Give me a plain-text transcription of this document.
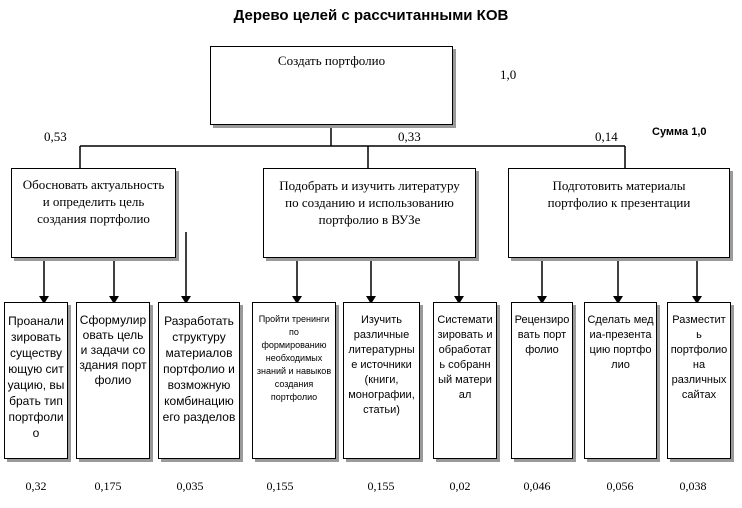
Дерево целей с рассчитанными КОВ
Создать портфолио
1,0
0,53	0,33	0,14	Сумма 1,0
Обосновать актуальность и определить цель создания портфолио
Подобрать и изучить литературу по созданию и использованию портфолио в ВУЗе
Подготовить материалы портфолио к презентации
Проанализировать существующую ситуацию, выбрать тип портфолио
Сформулировать цель и задачи создания портфолио
Разработать структуру материалов портфолио и возможную комбинацию его разделов
Пройти тренинги по формированию необходимых знаний и навыков создания портфолио
Изучить различные литературные источники (книги, монографии, статьи)
Систематизировать и обработать собранный материал
Рецензировать портфолио
Сделать медиа-презентацию портфолио
Разместить портфолио на различных сайтах
0,32	0,175	0,035	0,155	0,155	0,02	0,046	0,056	0,038
